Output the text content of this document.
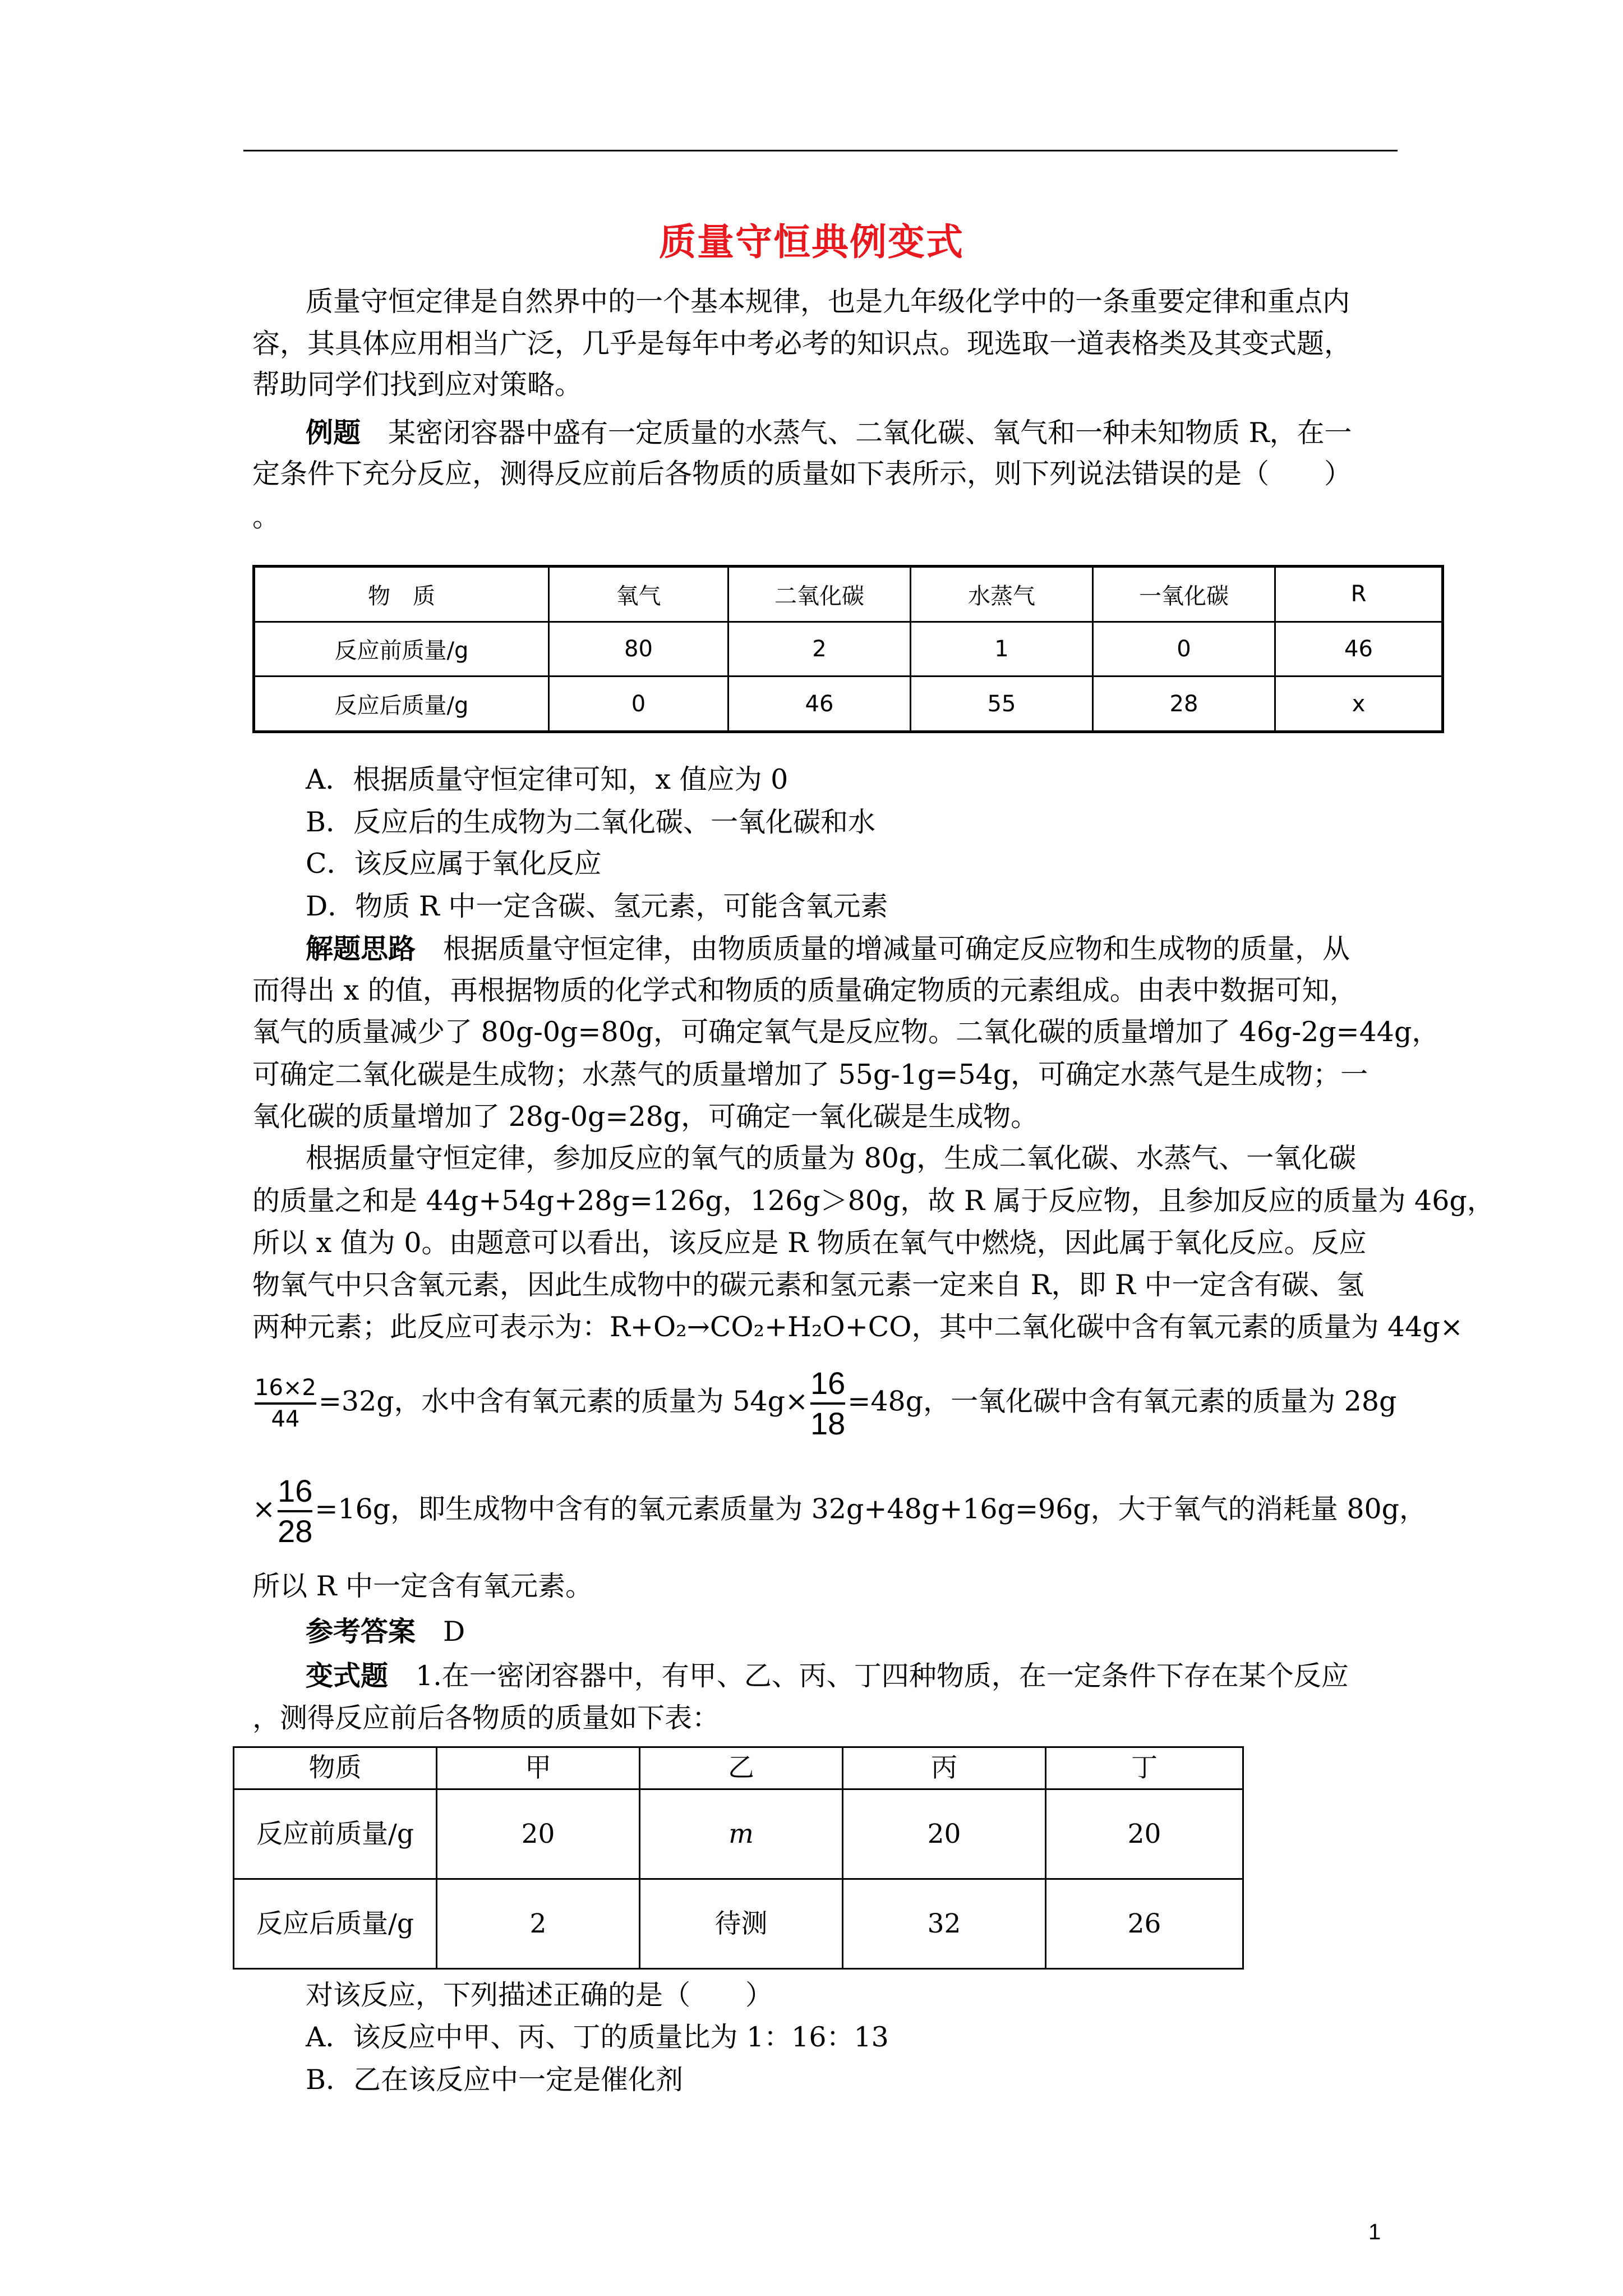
质量守恒典例变式
质量守恒定律是自然界中的一个基本规律，也是九年级化学中的一条重要定律和重点内
容，其具体应用相当广泛，几乎是每年中考必考的知识点。现选取一道表格类及其变式题，
帮助同学们找到应对策略。
例题　 某密闭容器中盛有一定质量的水蒸气、二氧化碳、氧气和一种未知物质 R，在一
定条件下充分反应，测得反应前后各物质的质量如下表所示，则下列说法错误的是（　　）
。
物　质	氧气	二氧化碳	水蒸气	一氧化碳	R
反应前质量/g	80	2	1	0	46
反应后质量/g	0	46	55	28	x
A．根据质量守恒定律可知，x 值应为 0
B．反应后的生成物为二氧化碳、一氧化碳和水
C．该反应属于氧化反应
D．物质 R 中一定含碳、氢元素，可能含氧元素
解题思路　 根据质量守恒定律，由物质质量的增减量可确定反应物和生成物的质量，从
而得出 x 的值，再根据物质的化学式和物质的质量确定物质的元素组成。由表中数据可知，
氧气的质量减少了 80g-0g=80g，可确定氧气是反应物。二氧化碳的质量增加了 46g-2g=44g，
可确定二氧化碳是生成物；水蒸气的质量增加了 55g-1g=54g，可确定水蒸气是生成物；一
氧化碳的质量增加了 28g-0g=28g，可确定一氧化碳是生成物。
根据质量守恒定律，参加反应的氧气的质量为 80g，生成二氧化碳、水蒸气、一氧化碳
的质量之和是 44g+54g+28g=126g，126g＞80g，故 R 属于反应物，且参加反应的质量为 46g，
所以 x 值为 0。由题意可以看出，该反应是 R 物质在氧气中燃烧，因此属于氧化反应。反应
物氧气中只含氧元素，因此生成物中的碳元素和氢元素一定来自 R，即 R 中一定含有碳、氢
两种元素；此反应可表示为：R+O₂→CO₂+H₂O+CO，其中二氧化碳中含有氧元素的质量为 44g×
$\frac{16\times 2}{44} =32g$，水中含有氧元素的质量为 $54g\times \frac{16}{18} =48g$，一氧化碳中含有氧元素的质量为 28g
× $\frac{16}{28} =16g$，即生成物中含有的氧元素质量为 32g+48g+16g=96g，大于氧气的消耗量 80g，
所以 R 中一定含有氧元素。
参考答案　 D
变式题　 1.在一密闭容器中，有甲、乙、丙、丁四种物质，在一定条件下存在某个反应
，测得反应前后各物质的质量如下表：
物质	甲	乙	丙	丁
反应前质量/g	20	m	20	20
反应后质量/g	2	待测	32	26
对该反应，下列描述正确的是（　　）
A．该反应中甲、丙、丁的质量比为 1：16：13
B．乙在该反应中一定是催化剂
1
